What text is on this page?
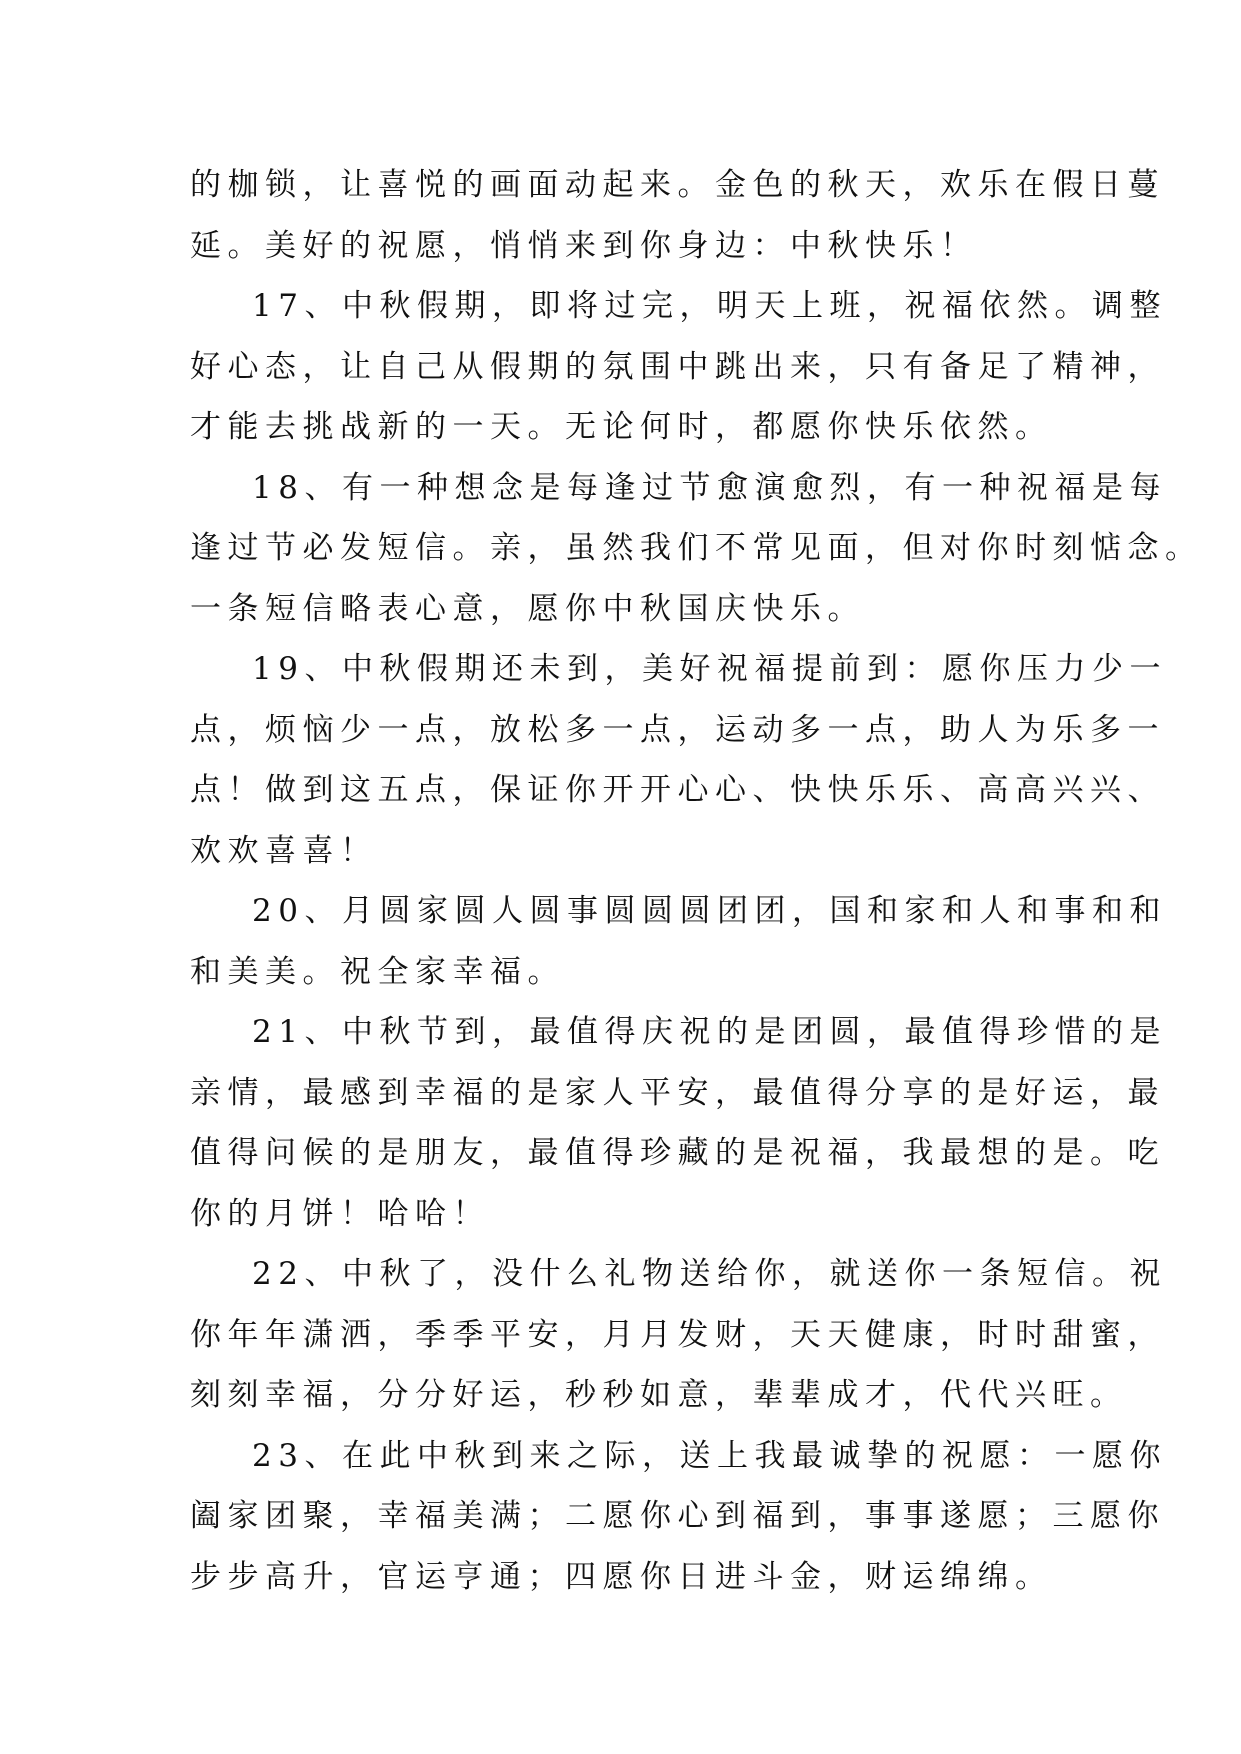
的枷锁，让喜悦的画面动起来。金色的秋天，欢乐在假日蔓
延。美好的祝愿，悄悄来到你身边：中秋快乐！
17、中秋假期，即将过完，明天上班，祝福依然。调整
好心态，让自己从假期的氛围中跳出来，只有备足了精神，
才能去挑战新的一天。无论何时，都愿你快乐依然。
18、有一种想念是每逢过节愈演愈烈，有一种祝福是每
逢过节必发短信。亲，虽然我们不常见面，但对你时刻惦念。
一条短信略表心意，愿你中秋国庆快乐。
19、中秋假期还未到，美好祝福提前到：愿你压力少一
点，烦恼少一点，放松多一点，运动多一点，助人为乐多一
点！做到这五点，保证你开开心心、快快乐乐、高高兴兴、
欢欢喜喜！
20、月圆家圆人圆事圆圆圆团团，国和家和人和事和和
和美美。祝全家幸福。
21、中秋节到，最值得庆祝的是团圆，最值得珍惜的是
亲情，最感到幸福的是家人平安，最值得分享的是好运，最
值得问候的是朋友，最值得珍藏的是祝福，我最想的是。吃
你的月饼！哈哈！
22、中秋了，没什么礼物送给你，就送你一条短信。祝
你年年潇洒，季季平安，月月发财，天天健康，时时甜蜜，
刻刻幸福，分分好运，秒秒如意，辈辈成才，代代兴旺。
23、在此中秋到来之际，送上我最诚挚的祝愿：一愿你
阖家团聚，幸福美满；二愿你心到福到，事事遂愿；三愿你
步步高升，官运亨通；四愿你日进斗金，财运绵绵。
